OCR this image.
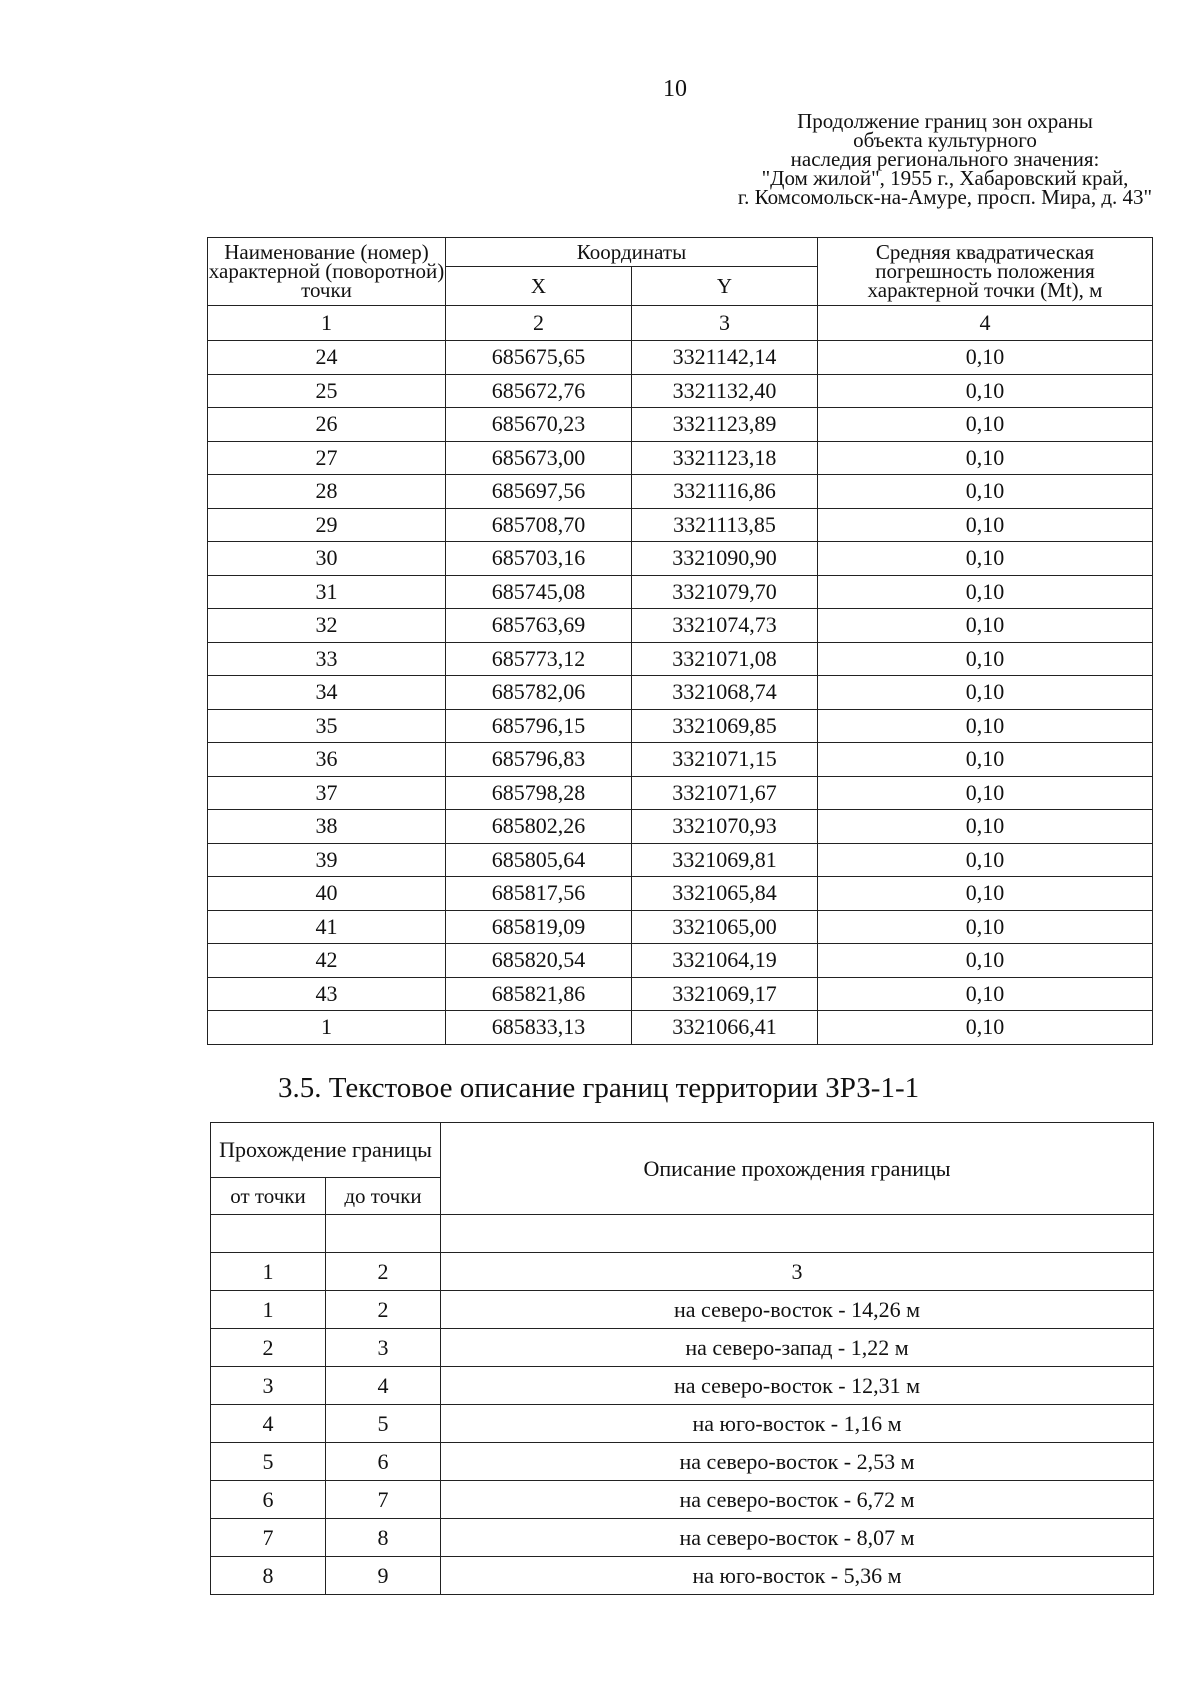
10
Продолжение границ зон охраны
объекта культурного
наследия регионального значения:
"Дом жилой", 1955 г., Хабаровский край,
г. Комсомольск-на-Амуре, просп. Мира, д. 43"
Наименование (номер) характерной (поворотной) точки	Координаты		Средняя квадратическая погрешность положения характерной точки (Mt), м
	X	Y	
1	2	3	4
24	685675,65	3321142,14	0,10
25	685672,76	3321132,40	0,10
26	685670,23	3321123,89	0,10
27	685673,00	3321123,18	0,10
28	685697,56	3321116,86	0,10
29	685708,70	3321113,85	0,10
30	685703,16	3321090,90	0,10
31	685745,08	3321079,70	0,10
32	685763,69	3321074,73	0,10
33	685773,12	3321071,08	0,10
34	685782,06	3321068,74	0,10
35	685796,15	3321069,85	0,10
36	685796,83	3321071,15	0,10
37	685798,28	3321071,67	0,10
38	685802,26	3321070,93	0,10
39	685805,64	3321069,81	0,10
40	685817,56	3321065,84	0,10
41	685819,09	3321065,00	0,10
42	685820,54	3321064,19	0,10
43	685821,86	3321069,17	0,10
1	685833,13	3321066,41	0,10
3.5. Текстовое описание границ территории ЗРЗ-1-1
Прохождение границы		Описание прохождения границы
от точки	до точки	

1	2	3
1	2	на северо-восток - 14,26 м
2	3	на северо-запад - 1,22 м
3	4	на северо-восток - 12,31 м
4	5	на юго-восток - 1,16 м
5	6	на северо-восток - 2,53 м
6	7	на северо-восток - 6,72 м
7	8	на северо-восток - 8,07 м
8	9	на юго-восток - 5,36 м
